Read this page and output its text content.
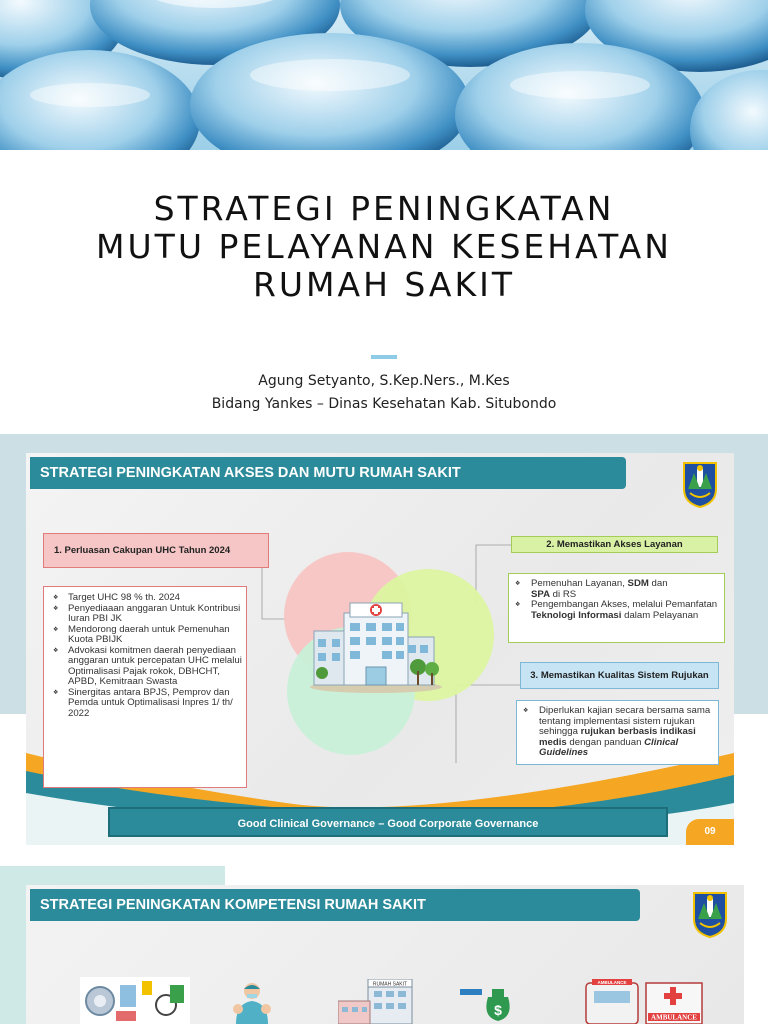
STRATEGI PENINGKATAN
MUTU PELAYANAN KESEHATAN
RUMAH SAKIT
Agung Setyanto, S.Kep.Ners., M.Kes
Bidang Yankes – Dinas Kesehatan Kab. Situbondo
STRATEGI PENINGKATAN AKSES DAN MUTU RUMAH SAKIT
1. Perluasan Cakupan UHC Tahun 2024
❖ Target UHC 98 % th. 2024
❖ Penyediaaan anggaran Untuk Kontribusi Iuran PBI JK
❖ Mendorong daerah untuk Pemenuhan Kuota PBIJK
❖ Advokasi komitmen daerah penyediaan anggaran untuk percepatan UHC melalui Optimalisasi Pajak rokok, DBHCHT, APBD, Kemitraan Swasta
❖ Sinergitas antara BPJS, Pemprov dan Pemda untuk Optimalisasi Inpres 1/ th/ 2022
2. Memastikan Akses Layanan
❖ Pemenuhan Layanan, SDM dan
SPA di RS
❖ Pengembangan Akses, melalui Pemanfatan Teknologi Informasi dalam Pelayanan
3. Memastikan Kualitas Sistem Rujukan
❖ Diperlukan kajian secara bersama sama tentang implementasi sistem rujukan sehingga rujukan berbasis indikasi medis dengan panduan Clinical Guidelines
Good Clinical Governance – Good Corporate Governance
09
STRATEGI PENINGKATAN KOMPETENSI RUMAH SAKIT
RUMAH SAKIT
$
AMBULANCE
AMBULANCE
